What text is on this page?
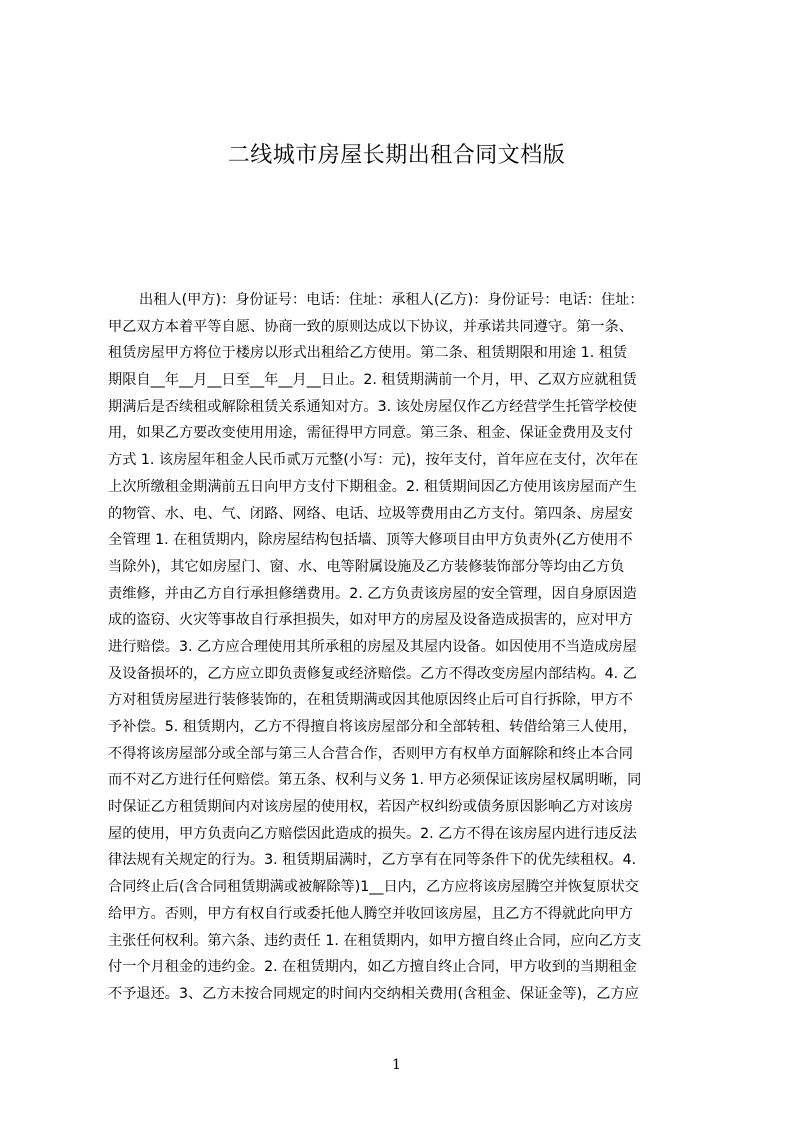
二线城市房屋长期出租合同文档版
出租人(甲方)：身份证号：电话：住址：承租人(乙方)：身份证号：电话：住址：
甲乙双方本着平等自愿、协商一致的原则达成以下协议，并承诺共同遵守。第一条、
租赁房屋甲方将位于楼房以形式出租给乙方使用。第二条、租赁期限和用途 1. 租赁
期限自__年__月__日至__年__月__日止。2. 租赁期满前一个月，甲、乙双方应就租赁
期满后是否续租或解除租赁关系通知对方。3. 该处房屋仅作乙方经营学生托管学校使
用，如果乙方要改变使用用途，需征得甲方同意。第三条、租金、保证金费用及支付
方式 1. 该房屋年租金人民币贰万元整(小写：元)，按年支付，首年应在支付，次年在
上次所缴租金期满前五日向甲方支付下期租金。2. 租赁期间因乙方使用该房屋而产生
的物管、水、电、气、闭路、网络、电话、垃圾等费用由乙方支付。第四条、房屋安
全管理 1. 在租赁期内，除房屋结构包括墙、顶等大修项目由甲方负责外(乙方使用不
当除外)，其它如房屋门、窗、水、电等附属设施及乙方装修装饰部分等均由乙方负
责维修，并由乙方自行承担修缮费用。2. 乙方负责该房屋的安全管理，因自身原因造
成的盗窃、火灾等事故自行承担损失，如对甲方的房屋及设备造成损害的，应对甲方
进行赔偿。3. 乙方应合理使用其所承租的房屋及其屋内设备。如因使用不当造成房屋
及设备损坏的，乙方应立即负责修复或经济赔偿。乙方不得改变房屋内部结构。4. 乙
方对租赁房屋进行装修装饰的，在租赁期满或因其他原因终止后可自行拆除，甲方不
予补偿。5. 租赁期内，乙方不得擅自将该房屋部分和全部转租、转借给第三人使用，
不得将该房屋部分或全部与第三人合营合作，否则甲方有权单方面解除和终止本合同
而不对乙方进行任何赔偿。第五条、权利与义务 1. 甲方必须保证该房屋权属明晰，同
时保证乙方租赁期间内对该房屋的使用权，若因产权纠纷或债务原因影响乙方对该房
屋的使用，甲方负责向乙方赔偿因此造成的损失。2. 乙方不得在该房屋内进行违反法
律法规有关规定的行为。3. 租赁期届满时，乙方享有在同等条件下的优先续租权。4.
合同终止后(含合同租赁期满或被解除等)1__日内，乙方应将该房屋腾空并恢复原状交
给甲方。否则，甲方有权自行或委托他人腾空并收回该房屋，且乙方不得就此向甲方
主张任何权利。第六条、违约责任 1. 在租赁期内，如甲方擅自终止合同，应向乙方支
付一个月租金的违约金。2. 在租赁期内，如乙方擅自终止合同，甲方收到的当期租金
不予退还。3、乙方未按合同规定的时间内交纳相关费用(含租金、保证金等)，乙方应
1
